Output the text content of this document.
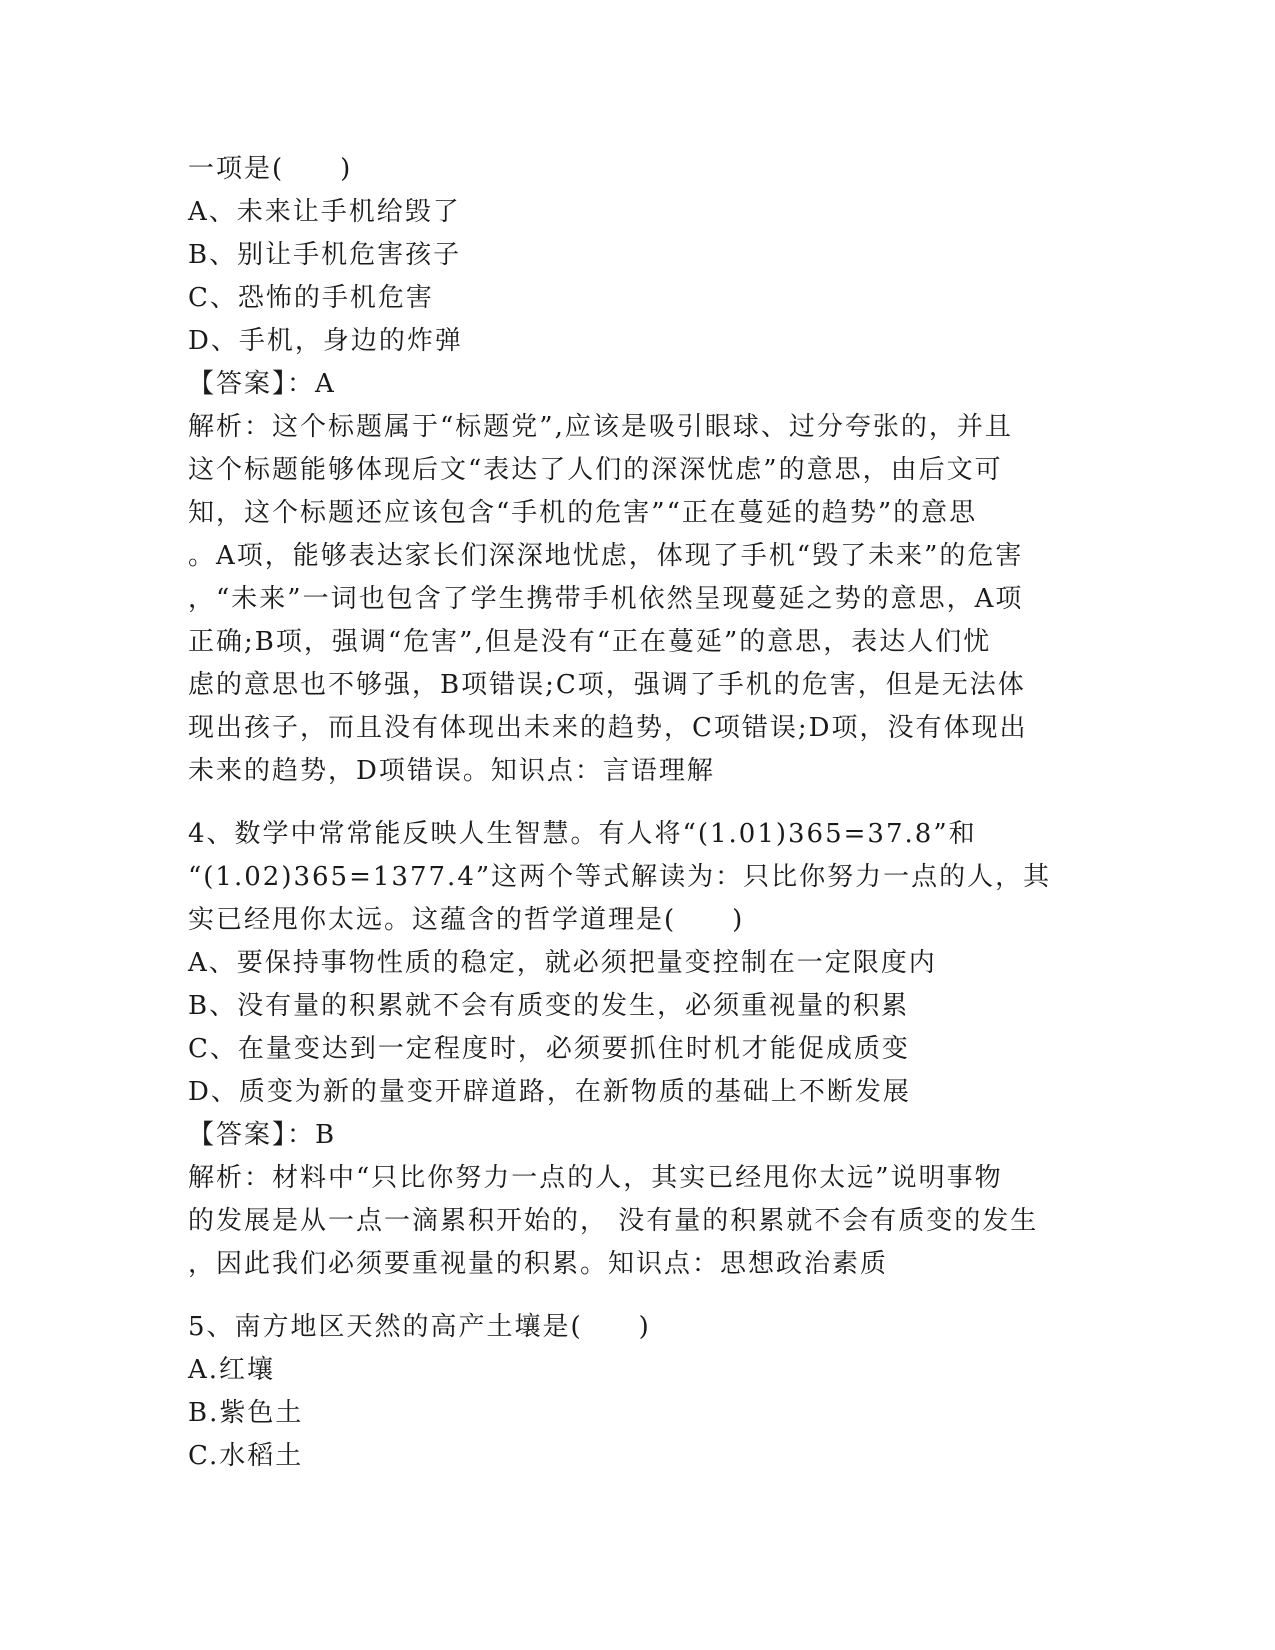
一项是(　　)
A、未来让手机给毁了
B、别让手机危害孩子
C、恐怖的手机危害
D、手机，身边的炸弹
【答案】：A
解析：这个标题属于“标题党”,应该是吸引眼球、过分夸张的，并且
这个标题能够体现后文“表达了人们的深深忧虑”的意思，由后文可
知，这个标题还应该包含“手机的危害”“正在蔓延的趋势”的意思
。A项，能够表达家长们深深地忧虑，体现了手机“毁了未来”的危害
，“未来”一词也包含了学生携带手机依然呈现蔓延之势的意思，A项
正确;B项，强调“危害”,但是没有“正在蔓延”的意思，表达人们忧
虑的意思也不够强，B项错误;C项，强调了手机的危害，但是无法体
现出孩子，而且没有体现出未来的趋势，C项错误;D项，没有体现出
未来的趋势，D项错误。知识点：言语理解
4、数学中常常能反映人生智慧。有人将“(1.01)365=37.8”和
“(1.02)365=1377.4”这两个等式解读为：只比你努力一点的人，其
实已经甩你太远。这蕴含的哲学道理是(　　)
A、要保持事物性质的稳定，就必须把量变控制在一定限度内
B、没有量的积累就不会有质变的发生，必须重视量的积累
C、在量变达到一定程度时，必须要抓住时机才能促成质变
D、质变为新的量变开辟道路，在新物质的基础上不断发展
【答案】：B
解析：材料中“只比你努力一点的人，其实已经甩你太远”说明事物
的发展是从一点一滴累积开始的， 没有量的积累就不会有质变的发生
，因此我们必须要重视量的积累。知识点：思想政治素质
5、南方地区天然的高产土壤是(　　)
A.红壤
B.紫色土
C.水稻土
